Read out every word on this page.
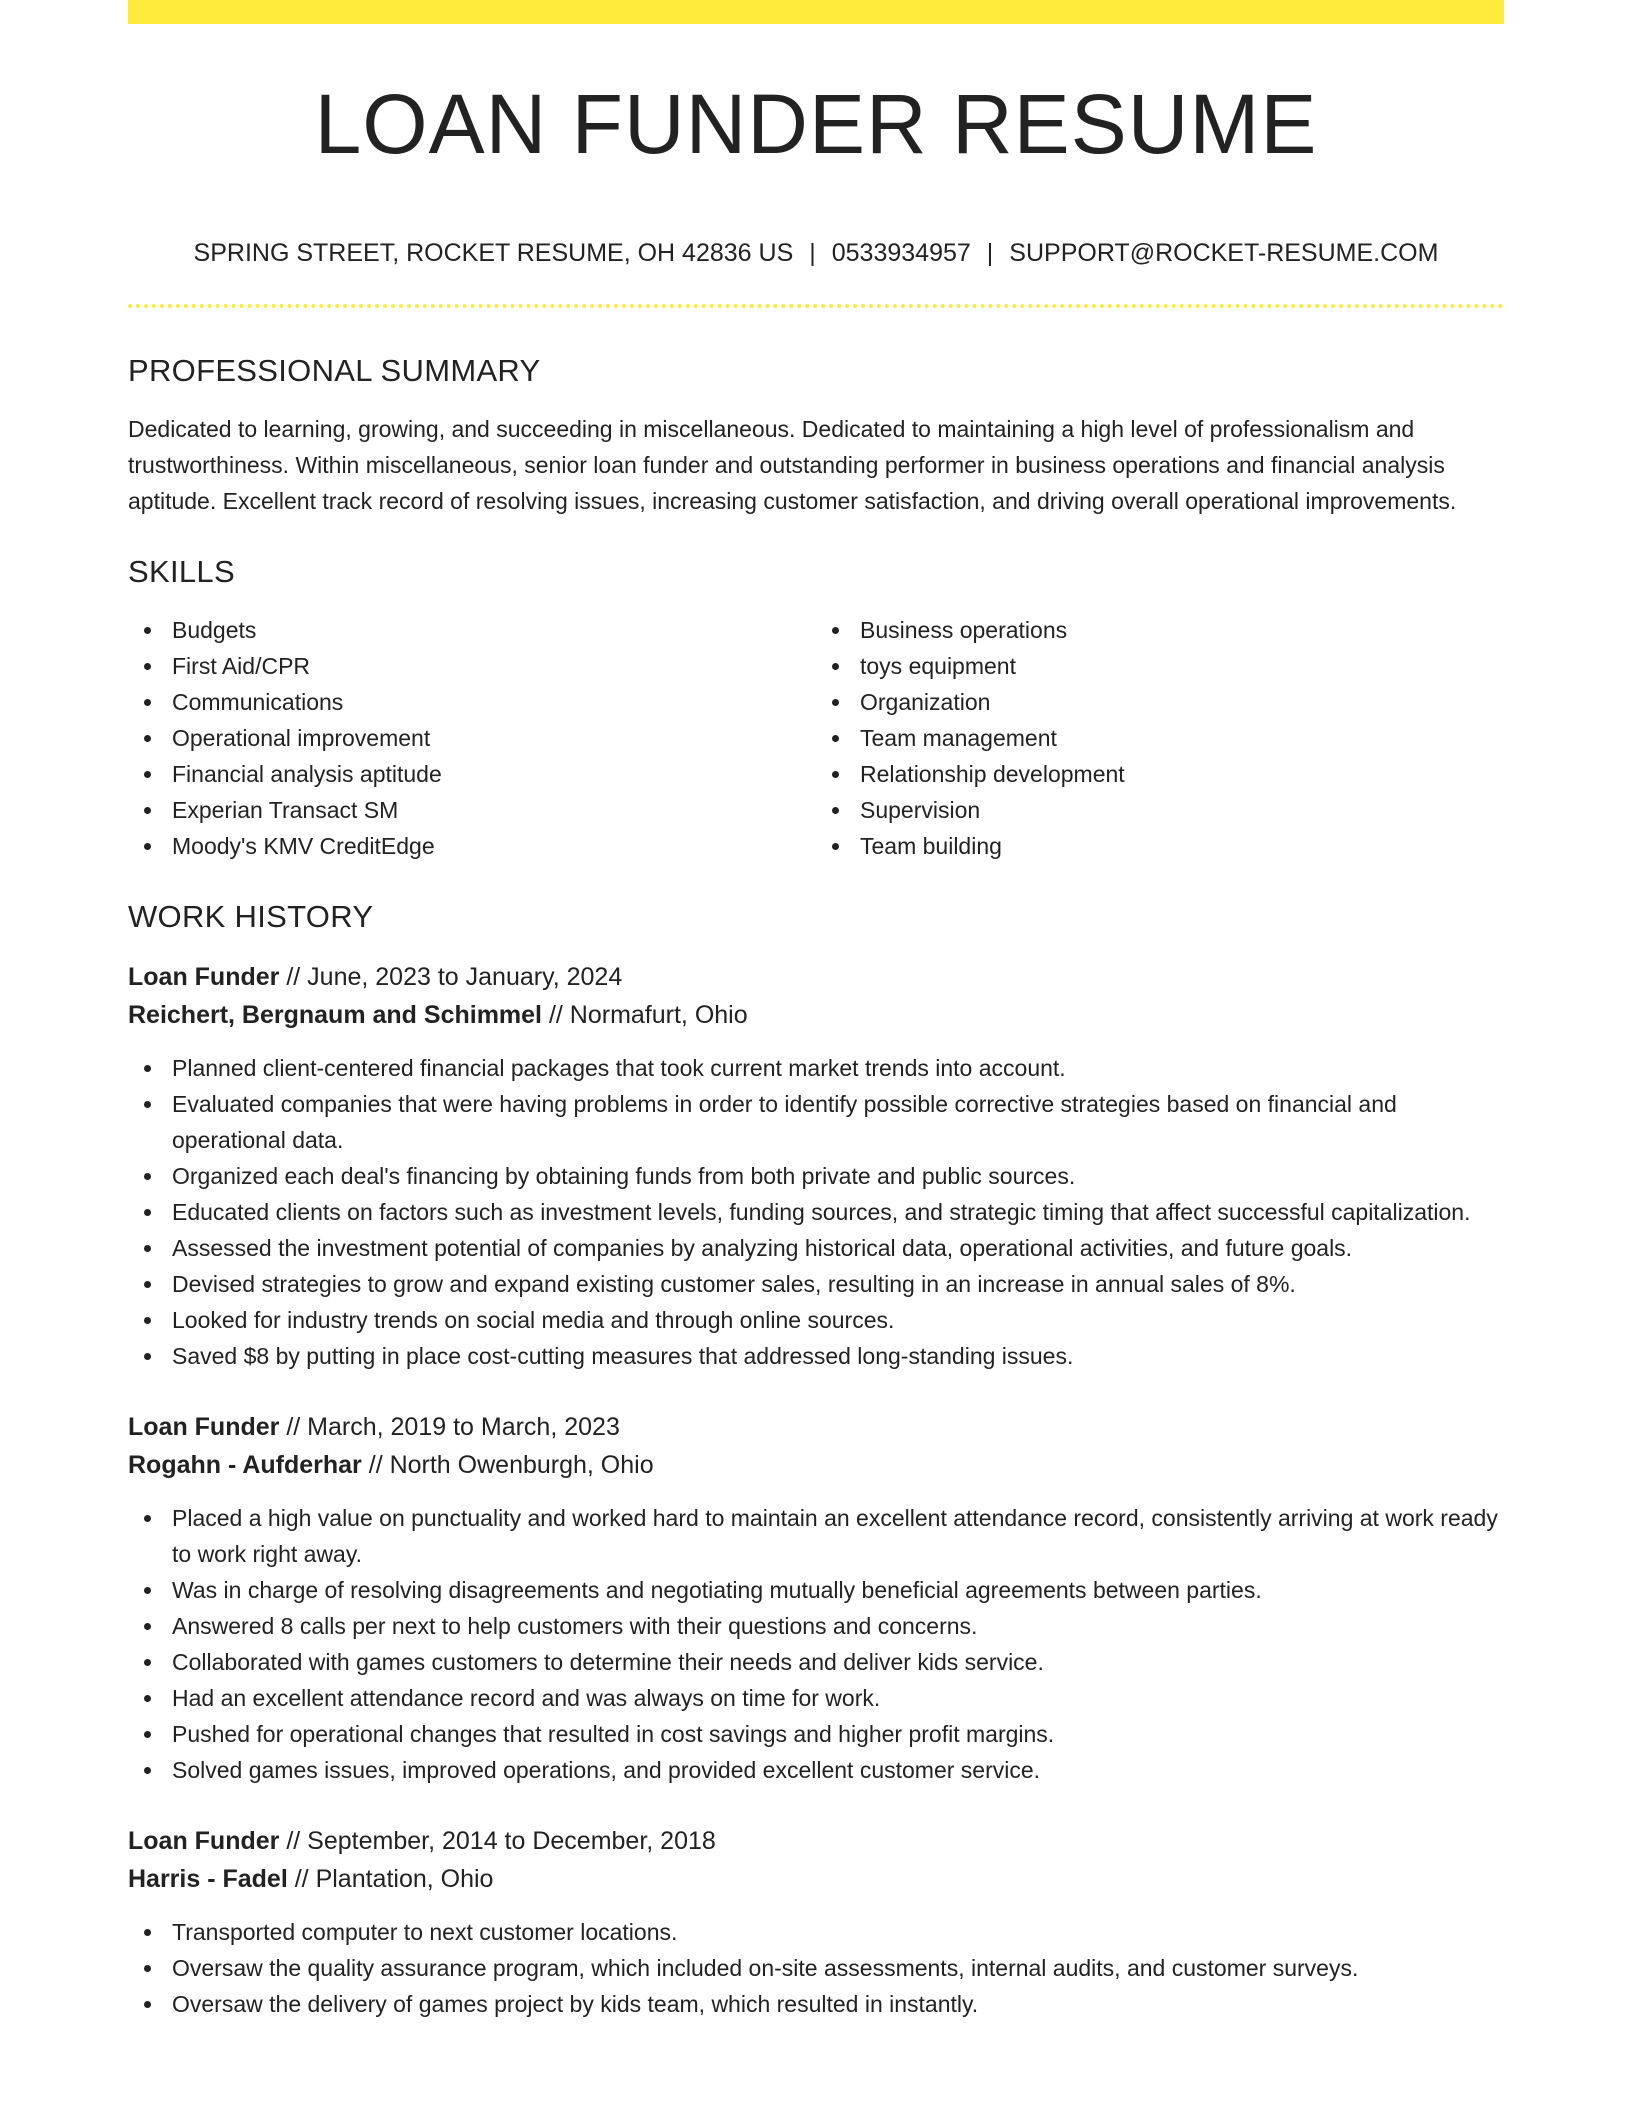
LOAN FUNDER RESUME
SPRING STREET, ROCKET RESUME, OH 42836 US | 0533934957 | SUPPORT@ROCKET-RESUME.COM
PROFESSIONAL SUMMARY

Dedicated to learning, growing, and succeeding in miscellaneous. Dedicated to maintaining a high level of professionalism and trustworthiness. Within miscellaneous, senior loan funder and outstanding performer in business operations and financial analysis aptitude. Excellent track record of resolving issues, increasing customer satisfaction, and driving overall operational improvements.

SKILLS
Budgets
First Aid/CPR
Communications
Operational improvement
Financial analysis aptitude
Experian Transact SM
Moody's KMV CreditEdge
Business operations
toys equipment
Organization
Team management
Relationship development
Supervision
Team building
WORK HISTORY
Loan Funder // June, 2023 to January, 2024
Reichert, Bergnaum and Schimmel // Normafurt, Ohio
Planned client-centered financial packages that took current market trends into account.
Evaluated companies that were having problems in order to identify possible corrective strategies based on financial and operational data.
Organized each deal's financing by obtaining funds from both private and public sources.
Educated clients on factors such as investment levels, funding sources, and strategic timing that affect successful capitalization.
Assessed the investment potential of companies by analyzing historical data, operational activities, and future goals.
Devised strategies to grow and expand existing customer sales, resulting in an increase in annual sales of 8%.
Looked for industry trends on social media and through online sources.
Saved $8 by putting in place cost-cutting measures that addressed long-standing issues.
Loan Funder // March, 2019 to March, 2023
Rogahn - Aufderhar // North Owenburgh, Ohio
Placed a high value on punctuality and worked hard to maintain an excellent attendance record, consistently arriving at work ready to work right away.
Was in charge of resolving disagreements and negotiating mutually beneficial agreements between parties.
Answered 8 calls per next to help customers with their questions and concerns.
Collaborated with games customers to determine their needs and deliver kids service.
Had an excellent attendance record and was always on time for work.
Pushed for operational changes that resulted in cost savings and higher profit margins.
Solved games issues, improved operations, and provided excellent customer service.
Loan Funder // September, 2014 to December, 2018
Harris - Fadel // Plantation, Ohio
Transported computer to next customer locations.
Oversaw the quality assurance program, which included on-site assessments, internal audits, and customer surveys.
Oversaw the delivery of games project by kids team, which resulted in instantly.
